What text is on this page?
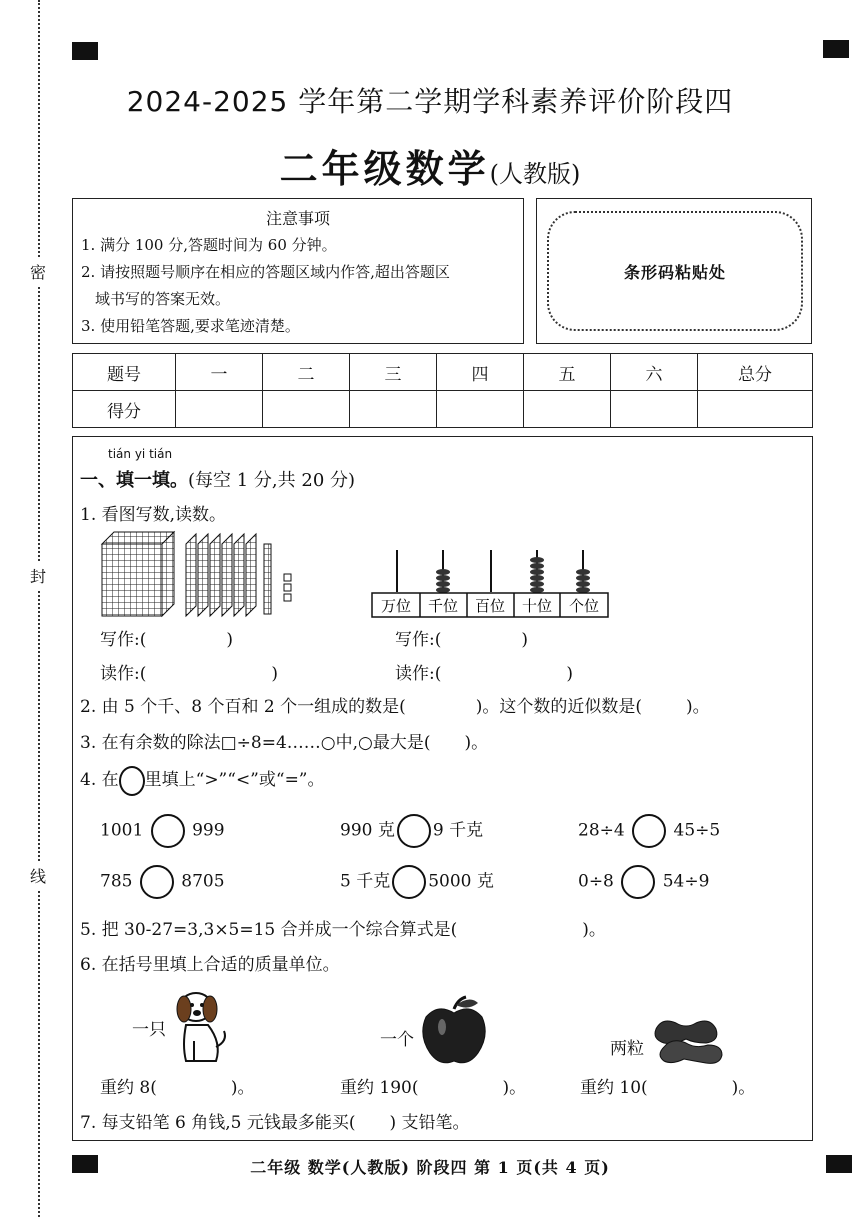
密
封
线
2024-2025 学年第二学期学科素养评价阶段四
二年级数学(人教版)
注意事项
1. 满分 100 分,答题时间为 60 分钟。
2. 请按照题号顺序在相应的答题区域内作答,超出答题区
域书写的答案无效。
3. 使用铅笔答题,要求笔迹清楚。
条形码粘贴处
题号	一	二	三	四	五	六	总分
得分							
tián yi tián
一、填一填。(每空 1 分,共 20 分)
1. 看图写数,读数。
万位 千位 百位 十位 个位
写作:(	)	写作:(	)
读作:(	)	读作:(	)
2. 由 5 个千、8 个百和 2 个一组成的数是(	)。这个数的近似数是(	)。
3. 在有余数的除法□÷8=4……○中,○最大是( )。
4. 在 里填上“>”“<”或“=”。
1001	999	990 克 9 千克	28÷4	45÷5
785	8705	5 千克 5000 克	0÷8	54÷9
5. 把 30-27=3,3×5=15 合并成一个综合算式是(	)。
6. 在括号里填上合适的质量单位。
一只	一个	两粒
重约 8(	)。	重约 190(	)。	重约 10(	)。
7. 每支铅笔 6 角钱,5 元钱最多能买( ) 支铅笔。
二年级 数学(人教版) 阶段四 第 1 页(共 4 页)
